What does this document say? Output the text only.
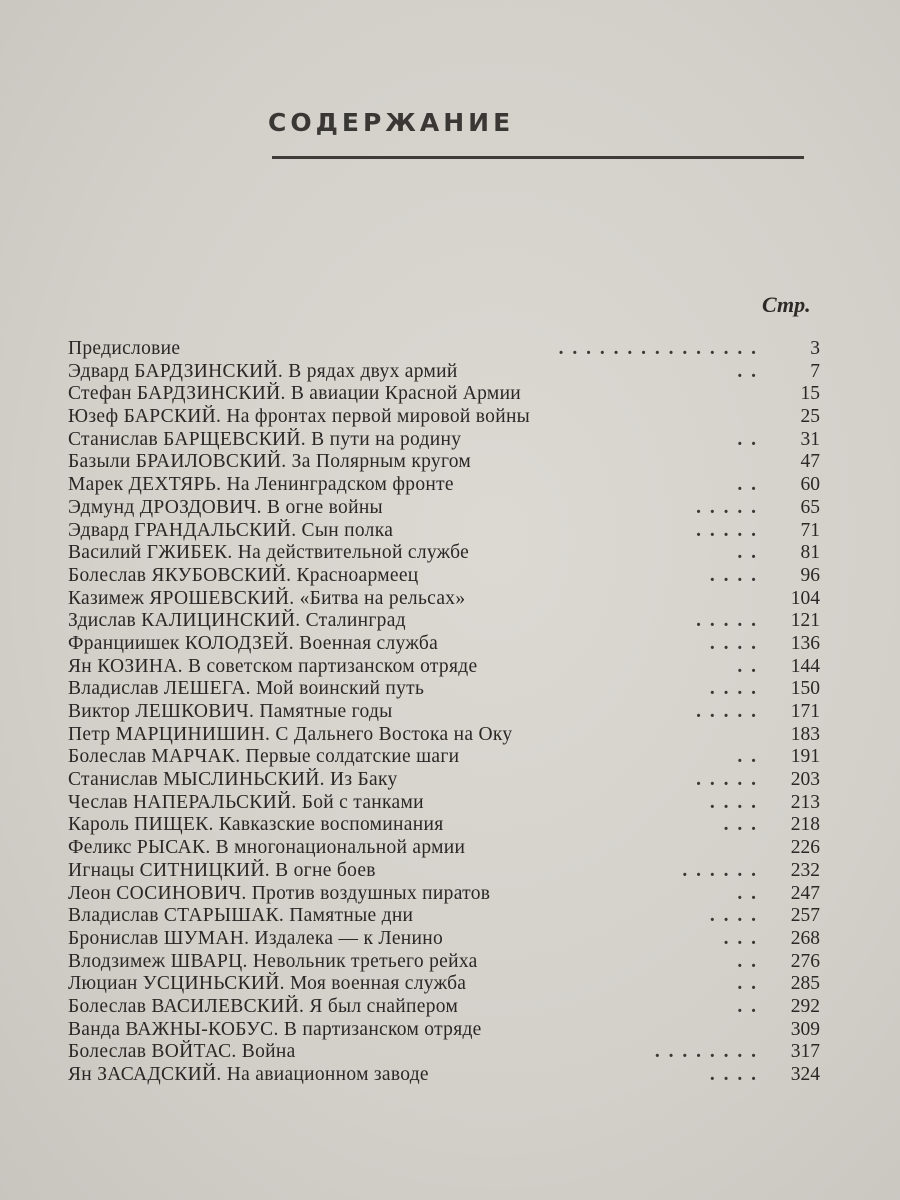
СОДЕРЖАНИЕ
Стр.
Предисловие	. . . . . . . . . . . . . . .	3
Эдвард БАРДЗИНСКИЙ. В рядах двух армий	. .	7
Стефан БАРДЗИНСКИЙ. В авиации Красной Армии	15
Юзеф БАРСКИЙ. На фронтах первой мировой войны	25
Станислав БАРЩЕВСКИЙ. В пути на родину	. .	31
Базыли БРАИЛОВСКИЙ. За Полярным кругом	47
Марек ДЕХТЯРЬ. На Ленинградском фронте	. .	60
Эдмунд ДРОЗДОВИЧ. В огне войны	. . . . .	65
Эдвард ГРАНДАЛЬСКИЙ. Сын полка	. . . . .	71
Василий ГЖИБЕК. На действительной службе	. .	81
Болеслав ЯКУБОВСКИЙ. Красноармеец	. . . .	96
Казимеж ЯРОШЕВСКИЙ. «Битва на рельсах»	104
Здислав КАЛИЦИНСКИЙ. Сталинград	. . . . .	121
Франциишек КОЛОДЗЕЙ. Военная служба	. . . .	136
Ян КОЗИНА. В советском партизанском отряде	. .	144
Владислав ЛЕШЕГА. Мой воинский путь	. . . .	150
Виктор ЛЕШКОВИЧ. Памятные годы	. . . . .	171
Петр МАРЦИНИШИН. С Дальнего Востока на Оку	183
Болеслав МАРЧАК. Первые солдатские шаги	. .	191
Станислав МЫСЛИНЬСКИЙ. Из Баку	. . . . .	203
Чеслав НАПЕРАЛЬСКИЙ. Бой с танками	. . . .	213
Кароль ПИЩЕК. Кавказские воспоминания	. . .	218
Феликс РЫСАК. В многонациональной армии	226
Игнацы СИТНИЦКИЙ. В огне боев	. . . . . .	232
Леон СОСИНОВИЧ. Против воздушных пиратов	. .	247
Владислав СТАРЫШАК. Памятные дни	. . . .	257
Бронислав ШУМАН. Издалека — к Ленино	. . .	268
Влодзимеж ШВАРЦ. Невольник третьего рейха	. .	276
Люциан УСЦИНЬСКИЙ. Моя военная служба	. .	285
Болеслав ВАСИЛЕВСКИЙ. Я был снайпером	. .	292
Ванда ВАЖНЫ-КОБУС. В партизанском отряде	309
Болеслав ВОЙТАС. Война	. . . . . . . .	317
Ян ЗАСАДСКИЙ. На авиационном заводе	. . . .	324
